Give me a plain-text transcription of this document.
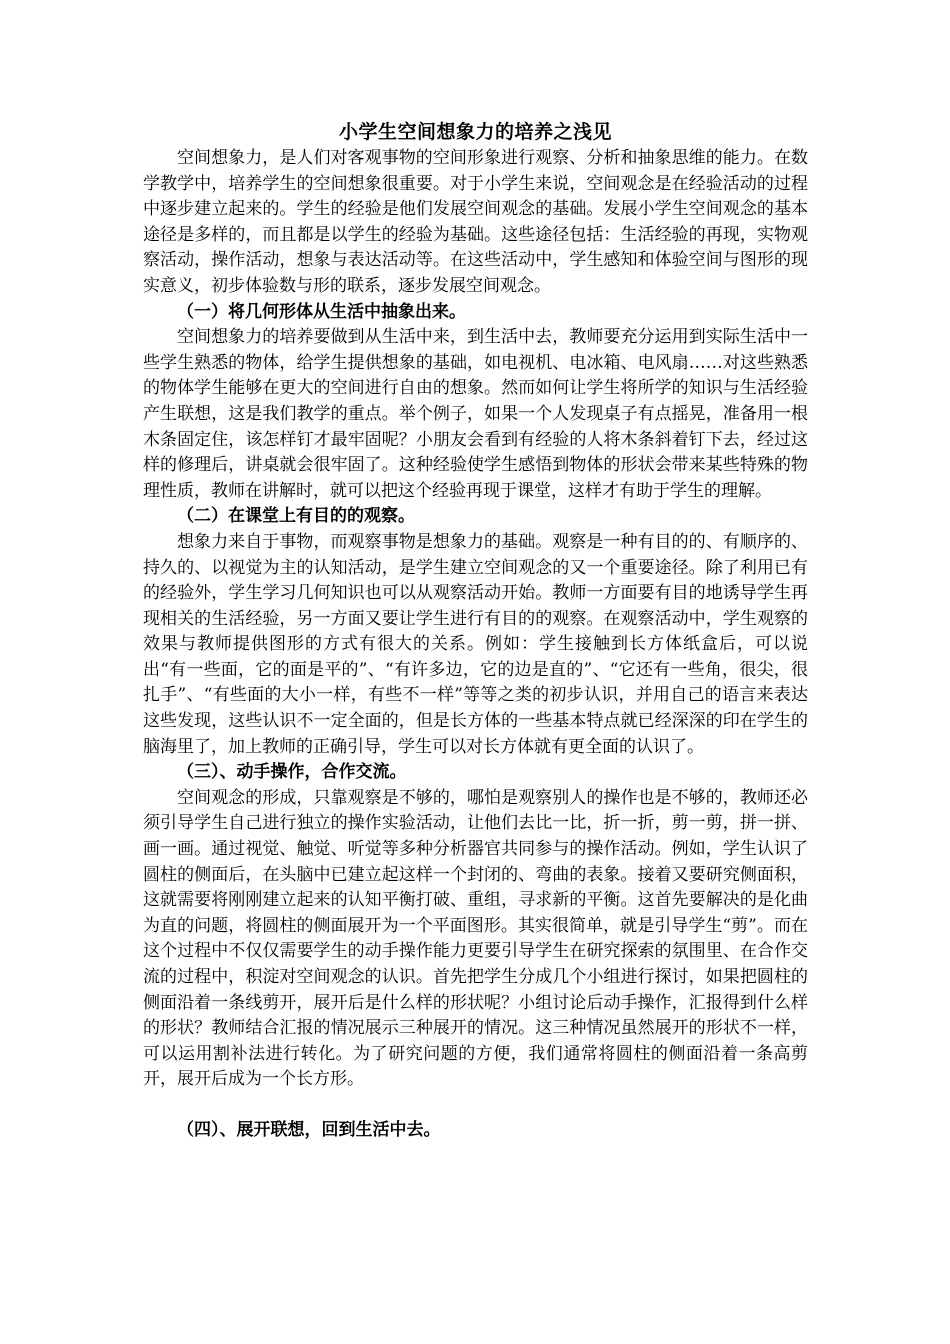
小学生空间想象力的培养之浅见

空间想象力，是人们对客观事物的空间形象进行观察、分析和抽象思维的能力。在数学教学中，培养学生的空间想象很重要。对于小学生来说，空间观念是在经验活动的过程中逐步建立起来的。学生的经验是他们发展空间观念的基础。发展小学生空间观念的基本途径是多样的，而且都是以学生的经验为基础。这些途径包括：生活经验的再现，实物观察活动，操作活动，想象与表达活动等。在这些活动中，学生感知和体验空间与图形的现实意义，初步体验数与形的联系，逐步发展空间观念。

（一）将几何形体从生活中抽象出来。

空间想象力的培养要做到从生活中来，到生活中去，教师要充分运用到实际生活中一些学生熟悉的物体，给学生提供想象的基础，如电视机、电冰箱、电风扇……对这些熟悉的物体学生能够在更大的空间进行自由的想象。然而如何让学生将所学的知识与生活经验产生联想，这是我们教学的重点。举个例子，如果一个人发现桌子有点摇晃，准备用一根木条固定住，该怎样钉才最牢固呢？小朋友会看到有经验的人将木条斜着钉下去，经过这样的修理后，讲桌就会很牢固了。这种经验使学生感悟到物体的形状会带来某些特殊的物理性质，教师在讲解时，就可以把这个经验再现于课堂，这样才有助于学生的理解。

（二）在课堂上有目的的观察。

想象力来自于事物，而观察事物是想象力的基础。观察是一种有目的的、有顺序的、持久的、以视觉为主的认知活动，是学生建立空间观念的又一个重要途径。除了利用已有的经验外，学生学习几何知识也可以从观察活动开始。教师一方面要有目的地诱导学生再现相关的生活经验，另一方面又要让学生进行有目的的观察。在观察活动中，学生观察的效果与教师提供图形的方式有很大的关系。例如：学生接触到长方体纸盒后，可以说出“有一些面，它的面是平的”、“有许多边，它的边是直的”、“它还有一些角，很尖，很扎手”、“有些面的大小一样，有些不一样”等等之类的初步认识，并用自己的语言来表达这些发现，这些认识不一定全面的，但是长方体的一些基本特点就已经深深的印在学生的脑海里了，加上教师的正确引导，学生可以对长方体就有更全面的认识了。

（三）、动手操作，合作交流。

空间观念的形成，只靠观察是不够的，哪怕是观察别人的操作也是不够的，教师还必须引导学生自己进行独立的操作实验活动，让他们去比一比，折一折，剪一剪，拼一拼、画一画。通过视觉、触觉、听觉等多种分析器官共同参与的操作活动。例如，学生认识了圆柱的侧面后，在头脑中已建立起这样一个封闭的、弯曲的表象。接着又要研究侧面积，这就需要将刚刚建立起来的认知平衡打破、重组，寻求新的平衡。这首先要解决的是化曲为直的问题，将圆柱的侧面展开为一个平面图形。其实很简单，就是引导学生“剪”。而在这个过程中不仅仅需要学生的动手操作能力更要引导学生在研究探索的氛围里、在合作交流的过程中，积淀对空间观念的认识。首先把学生分成几个小组进行探讨，如果把圆柱的侧面沿着一条线剪开，展开后是什么样的形状呢？小组讨论后动手操作，汇报得到什么样的形状？教师结合汇报的情况展示三种展开的情况。这三种情况虽然展开的形状不一样，可以运用割补法进行转化。为了研究问题的方便，我们通常将圆柱的侧面沿着一条高剪开，展开后成为一个长方形。

（四）、展开联想，回到生活中去。
